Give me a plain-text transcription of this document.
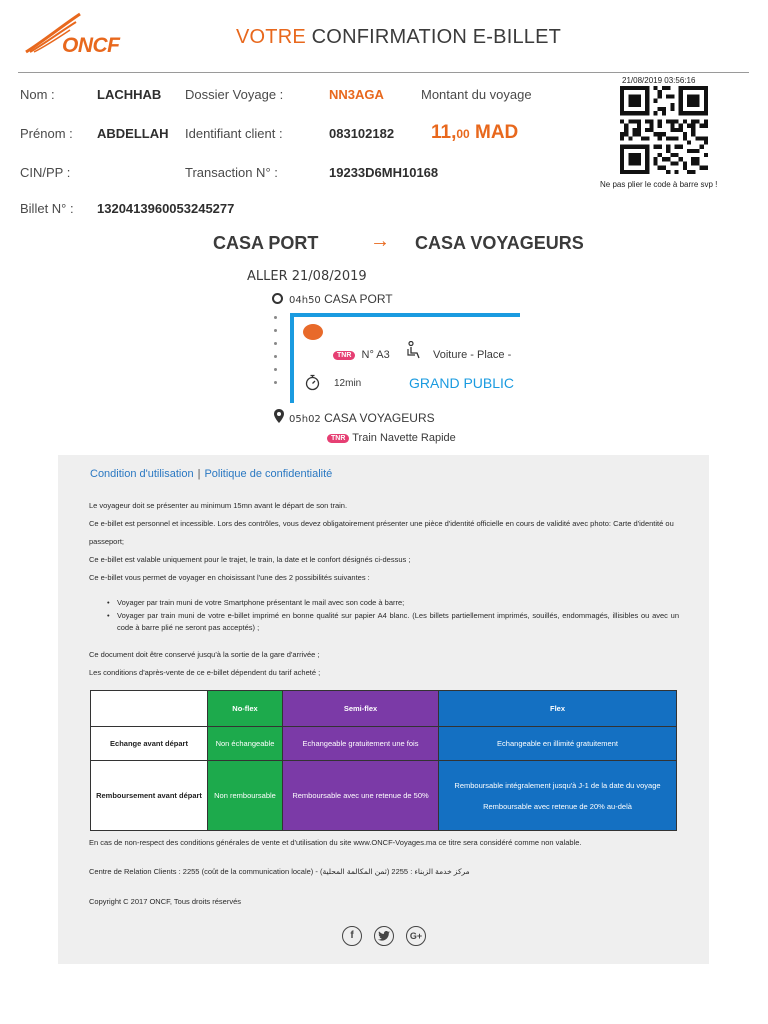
ONCF	VOTRE CONFIRMATION E-BILLET
Nom :	LACHHAB
Prénom : ABDELLAH
CIN/PP :
Billet N° : 1320413960053245277
Dossier Voyage :	NN3AGA
Identifiant client :	083102182
Transaction N° :	19233D6MH10168
Montant du voyage
11,00 MAD
21/08/2019 03:56:16
Ne pas plier le code à barre svp !
CASA PORT	→ CASA VOYAGEURS
ALLER 21/08/2019
04h50 CASA PORT
TNR N° A3	Voiture - Place -
12min	GRAND PUBLIC
05h02 CASA VOYAGEURS
TNR Train Navette Rapide
Condition d'utilisation | Politique de confidentialité
Le voyageur doit se présenter au minimum 15mn avant le départ de son train.
Ce e-billet est personnel et incessible. Lors des contrôles, vous devez obligatoirement présenter une pièce d'identité officielle en cours de validité avec photo: Carte d'identité ou passeport;
Ce e-billet est valable uniquement pour le trajet, le train, la date et le confort désignés ci-dessus ;
Ce e-billet vous permet de voyager en choisissant l'une des 2 possibilités suivantes :
• Voyager par train muni de votre Smartphone présentant le mail avec son code à barre;
• Voyager par train muni de votre e-billet imprimé en bonne qualité sur papier A4 blanc. (Les billets partiellement imprimés, souillés, endommagés, illisibles ou avec un code à barre plié ne seront pas acceptés) ;
Ce document doit être conservé jusqu'à la sortie de la gare d'arrivée ;
Les conditions d'après-vente de ce e-billet dépendent du tarif acheté ;
	No-flex	Semi-flex	Flex
Echange avant départ	Non échangeable	Echangeable gratuitement une fois	Echangeable en illimité gratuitement
Remboursement avant départ	Non remboursable	Remboursable avec une retenue de 50%	Remboursable intégralement jusqu'à J-1 de la date du voyage
Remboursable avec retenue de 20% au-delà
En cas de non-respect des conditions générales de vente et d'utilisation du site www.ONCF-Voyages.ma ce titre sera considéré comme non valable.
Centre de Relation Clients : 2255 (coût de la communication locale) - مركز خدمة الزبناء : 2255 (ثمن المكالمة المحلية)
Copyright C 2017 ONCF, Tous droits réservés
f	G+
